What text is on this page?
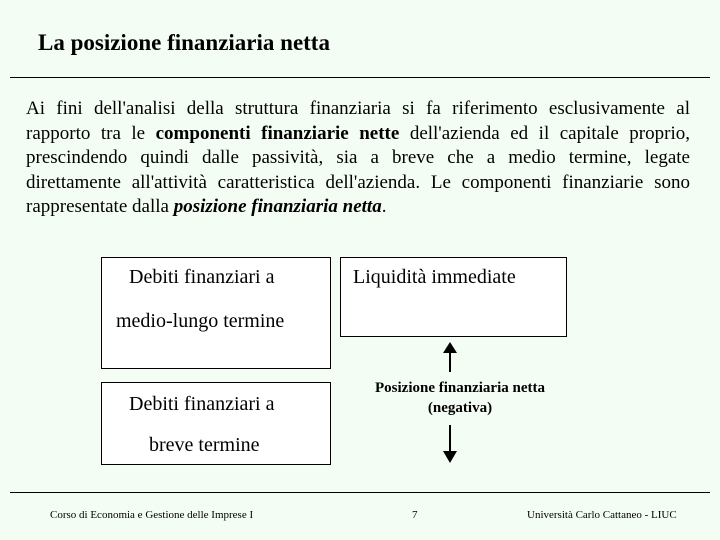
La posizione finanziaria netta
Ai fini dell'analisi della struttura finanziaria si fa riferimento esclusivamente al rapporto tra le componenti finanziarie nette dell'azienda ed il capitale proprio, prescindendo quindi dalle passività, sia a breve che a medio termine, legate direttamente all'attività caratteristica dell'azienda. Le componenti finanziarie sono rappresentate dalla posizione finanziaria netta.
Debiti finanziari a
medio-lungo termine
Liquidità immediate
Debiti finanziari a
breve termine
Posizione finanziaria netta
(negativa)
Corso di Economia e Gestione delle Imprese I	7	Università Carlo Cattaneo - LIUC
